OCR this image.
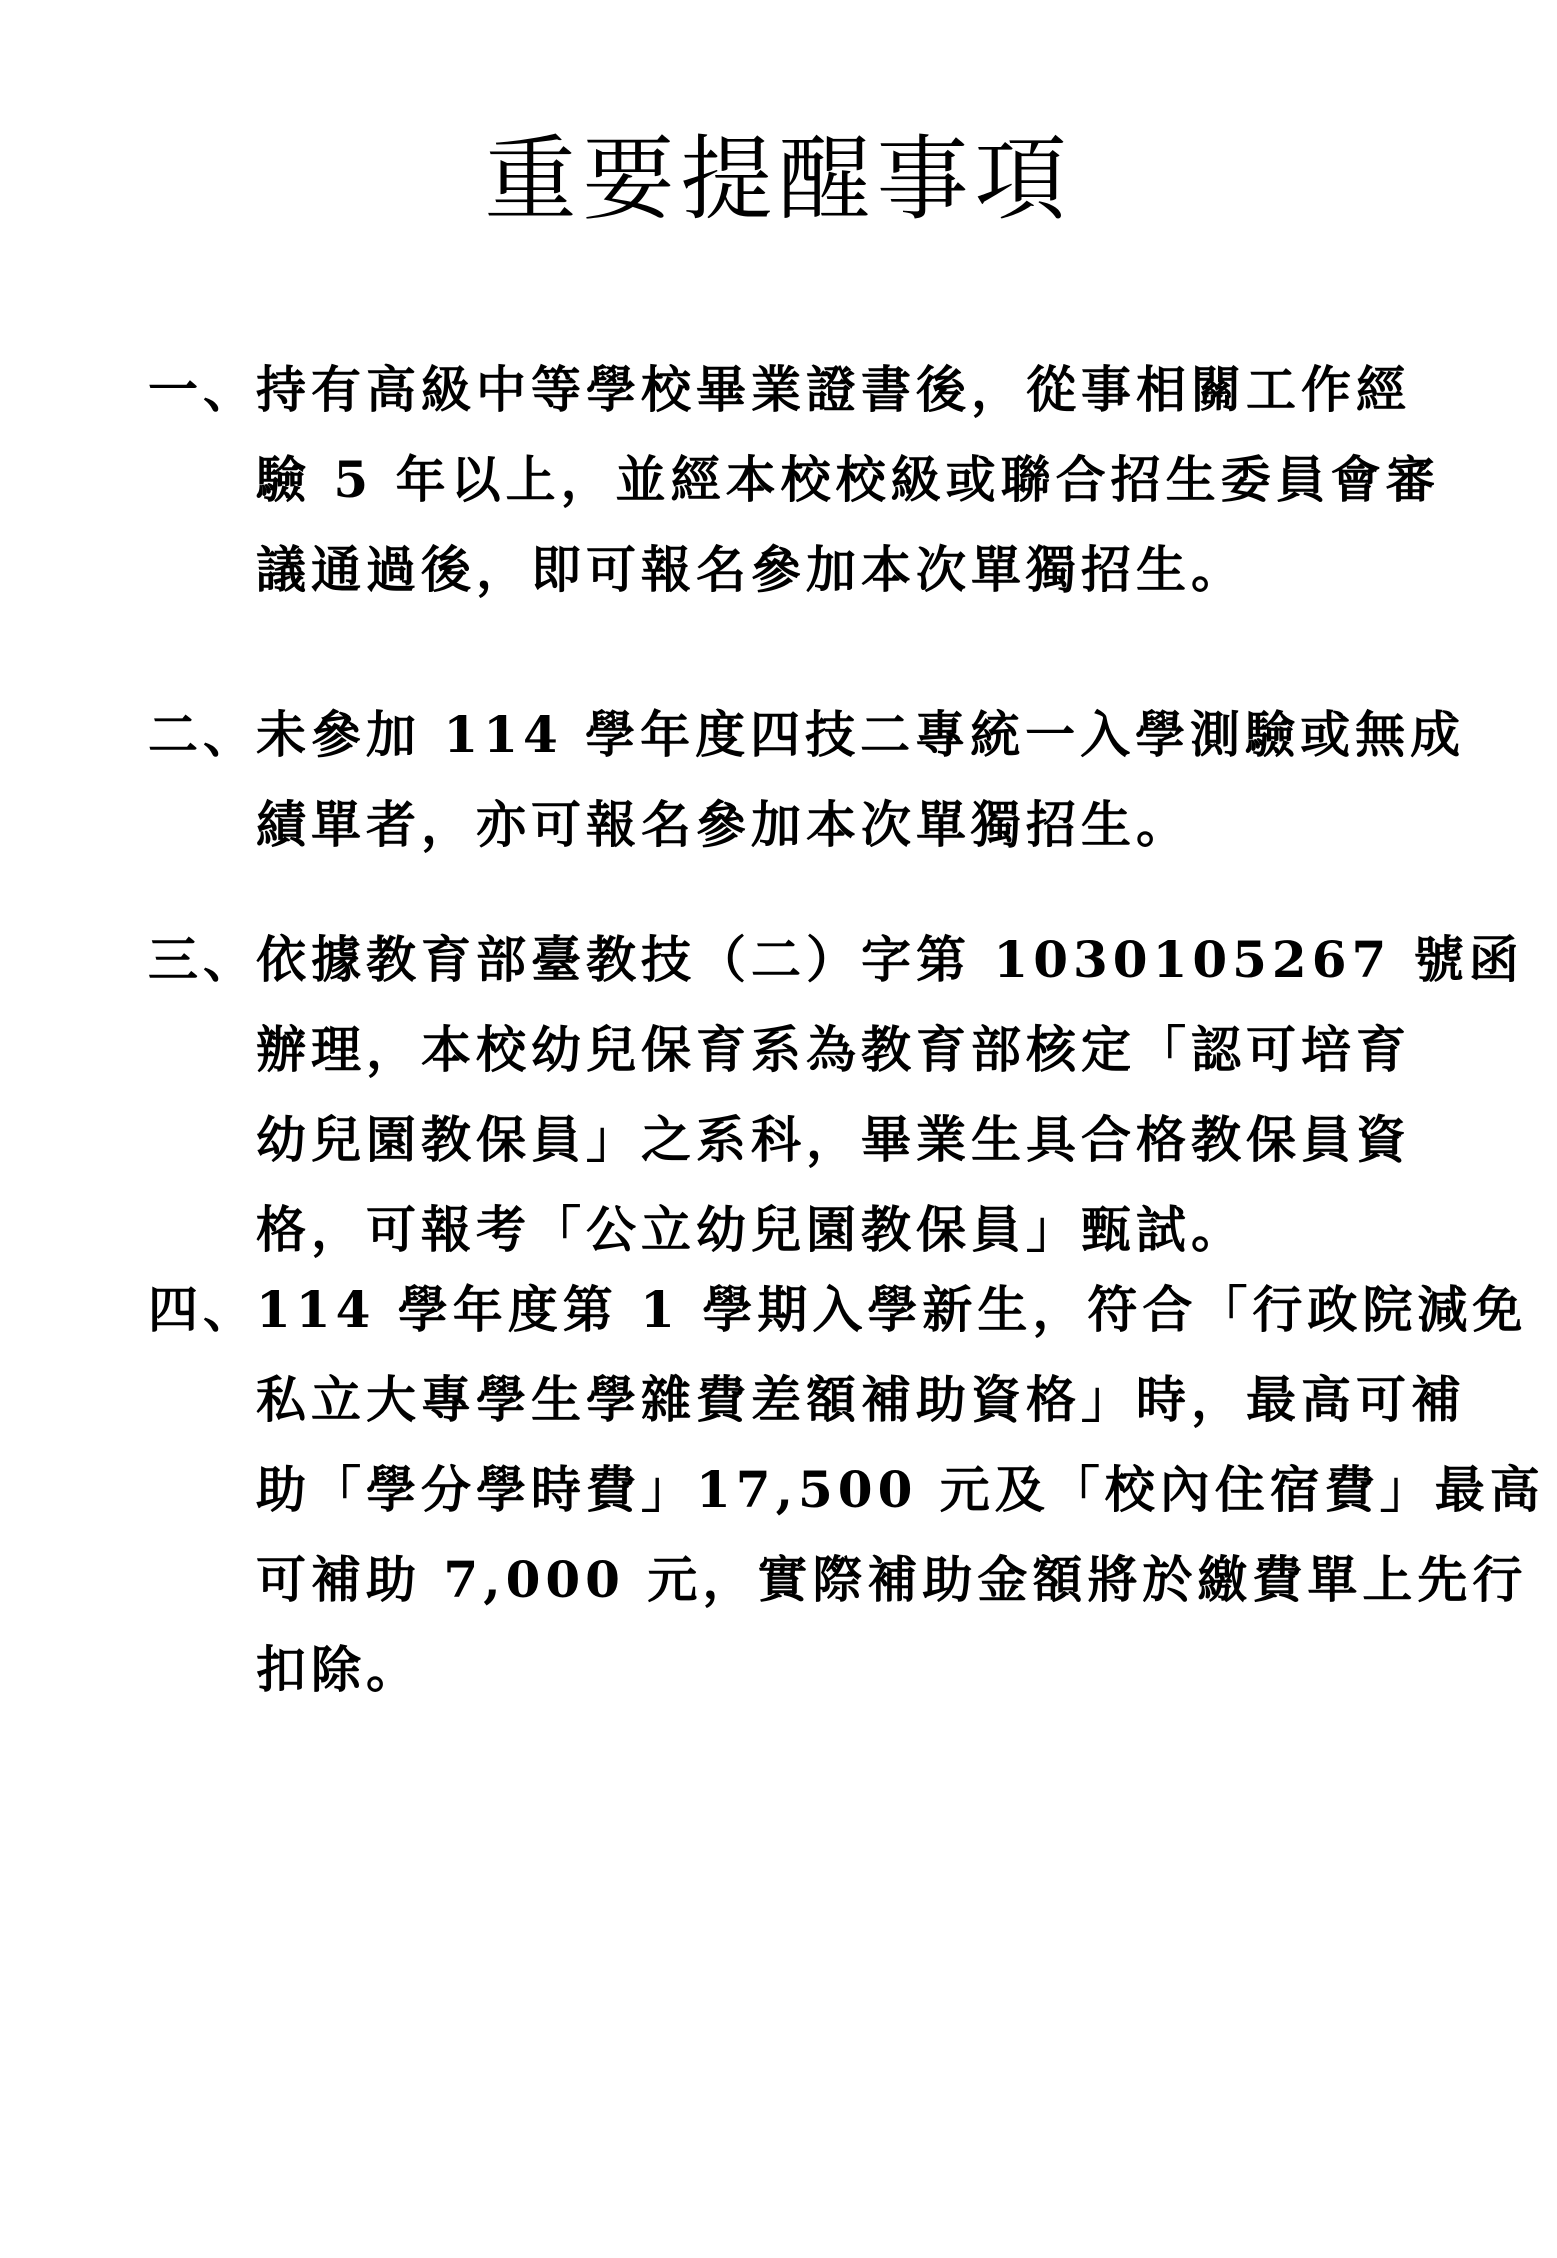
重要提醒事項
一、持有高級中等學校畢業證書後，從事相關工作經
驗 5 年以上，並經本校校級或聯合招生委員會審
議通過後，即可報名參加本次單獨招生。
二、未參加 114 學年度四技二專統一入學測驗或無成
績單者，亦可報名參加本次單獨招生。
三、依據教育部臺教技（二）字第 1030105267 號函
辦理，本校幼兒保育系為教育部核定「認可培育
幼兒園教保員」之系科，畢業生具合格教保員資
格，可報考「公立幼兒園教保員」甄試。
四、114 學年度第 1 學期入學新生，符合「行政院減免
私立大專學生學雜費差額補助資格」時，最高可補
助「學分學時費」17,500 元及「校內住宿費」最高
可補助 7,000 元，實際補助金額將於繳費單上先行
扣除。
